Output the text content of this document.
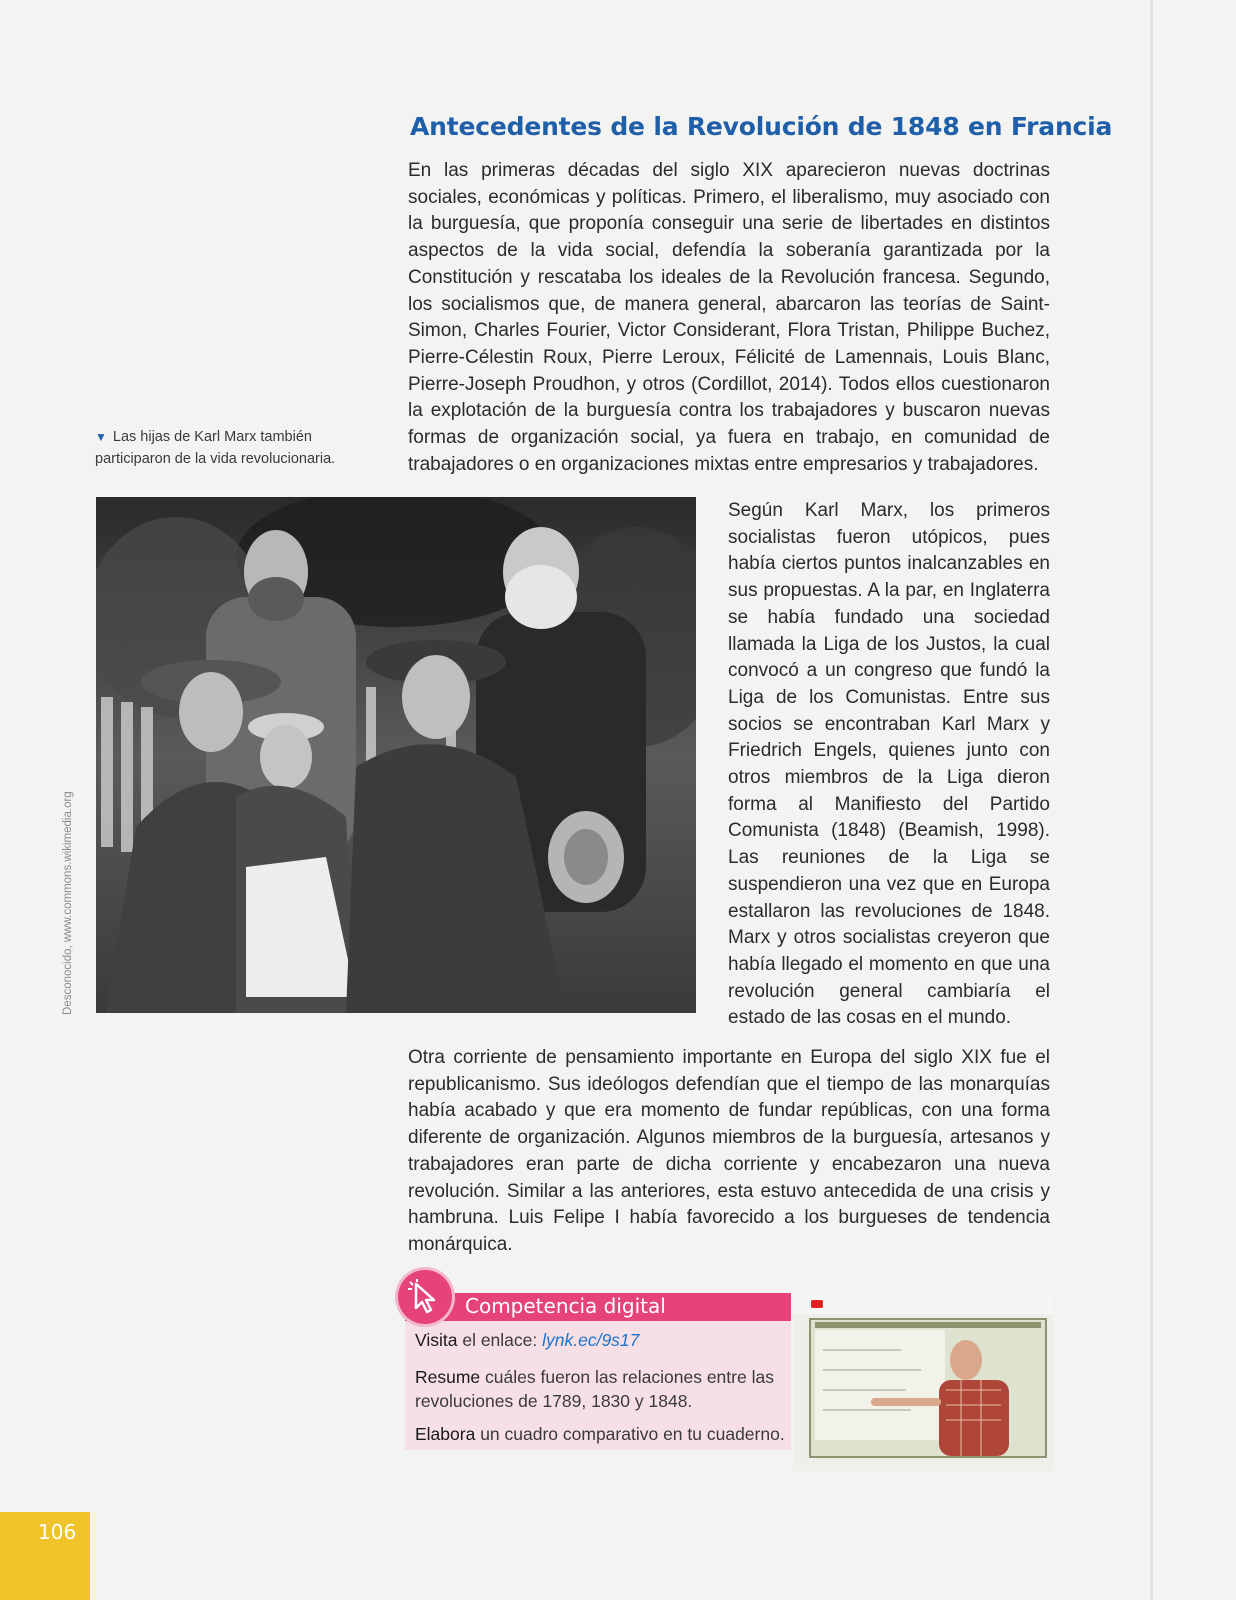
Antecedentes de la Revolución de 1848 en Francia

En las primeras décadas del siglo XIX aparecieron nuevas doctrinas sociales, económicas y políticas. Primero, el liberalismo, muy asociado con la burguesía, que proponía conseguir una serie de libertades en distintos aspectos de la vida social, defendía la soberanía garantizada por la Constitución y rescataba los ideales de la Revolución francesa. Segundo, los socialismos que, de manera general, abarcaron las teorías de Saint-Simon, Charles Fourier, Victor Considerant, Flora Tristan, Philippe Buchez, Pierre-Célestin Roux, Pierre Leroux, Félicité de Lamennais, Louis Blanc, Pierre-Joseph Proudhon, y otros (Cordillot, 2014). Todos ellos cuestionaron la explotación de la burguesía contra los trabajadores y buscaron nuevas formas de organización social, ya fuera en trabajo, en comunidad de trabajadores o en organizaciones mixtas entre empresarios y trabajadores.

▼ Las hijas de Karl Marx también participaron de la vida revolucionaria.
Desconocido, www.commons.wikimedia.org

Según Karl Marx, los primeros socialistas fueron utópicos, pues había ciertos puntos inalcanzables en sus propuestas. A la par, en Inglaterra se había fundado una sociedad llamada la Liga de los Justos, la cual convocó a un congreso que fundó la Liga de los Comunistas. Entre sus socios se encontraban Karl Marx y Friedrich Engels, quienes junto con otros miembros de la Liga dieron forma al Manifiesto del Partido Comunista (1848) (Beamish, 1998). Las reuniones de la Liga se suspendieron una vez que en Europa estallaron las revoluciones de 1848. Marx y otros socialistas creyeron que había llegado el momento en que una revolución general cambiaría el estado de las cosas en el mundo.

Otra corriente de pensamiento importante en Europa del siglo XIX fue el republicanismo. Sus ideólogos defendían que el tiempo de las monarquías había acabado y que era momento de fundar repúblicas, con una forma diferente de organización. Algunos miembros de la burguesía, artesanos y trabajadores eran parte de dicha corriente y encabezaron una nueva revolución. Similar a las anteriores, esta estuvo antecedida de una crisis y hambruna. Luis Felipe I había favorecido a los burgueses de tendencia monárquica.

Competencia digital
Visita el enlace: lynk.ec/9s17
Resume cuáles fueron las relaciones entre las revoluciones de 1789, 1830 y 1848.
Elabora un cuadro comparativo en tu cuaderno.
106
